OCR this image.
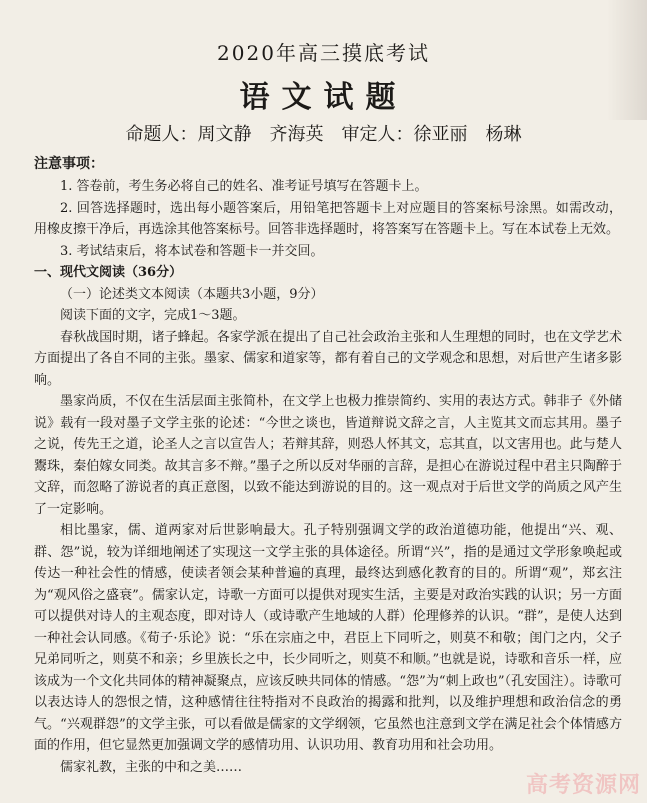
2020年高三摸底考试
语文试题
命题人：周文静　齐海英　审定人：徐亚丽　杨琳
注意事项：

1. 答卷前，考生务必将自己的姓名、准考证号填写在答题卡上。

2. 回答选择题时，选出每小题答案后，用铅笔把答题卡上对应题目的答案标号涂黑。如需改动，用橡皮擦干净后，再选涂其他答案标号。回答非选择题时，将答案写在答题卡上。写在本试卷上无效。

3. 考试结束后，将本试卷和答题卡一并交回。

一、现代文阅读（36分）

（一）论述类文本阅读（本题共3小题，9分）

阅读下面的文字，完成1～3题。

春秋战国时期，诸子蜂起。各家学派在提出了自己社会政治主张和人生理想的同时，也在文学艺术方面提出了各自不同的主张。墨家、儒家和道家等，都有着自己的文学观念和思想，对后世产生诸多影响。

墨家尚质，不仅在生活层面主张简朴，在文学上也极力推崇简约、实用的表达方式。韩非子《外储说》载有一段对墨子文学主张的论述：“今世之谈也，皆道辩说文辞之言，人主览其文而忘其用。墨子之说，传先王之道，论圣人之言以宣告人；若辩其辞，则恐人怀其文，忘其直，以文害用也。此与楚人鬻珠，秦伯嫁女同类。故其言多不辩。”墨子之所以反对华丽的言辞，是担心在游说过程中君主只陶醉于文辞，而忽略了游说者的真正意图，以致不能达到游说的目的。这一观点对于后世文学的尚质之风产生了一定影响。

相比墨家，儒、道两家对后世影响最大。孔子特别强调文学的政治道德功能，他提出“兴、观、群、怨”说，较为详细地阐述了实现这一文学主张的具体途径。所谓“兴”，指的是通过文学形象唤起或传达一种社会性的情感，使读者领会某种普遍的真理，最终达到感化教育的目的。所谓“观”，郑玄注为“观风俗之盛衰”。儒家认定，诗歌一方面可以提供对现实生活，主要是对政治实践的认识；另一方面可以提供对诗人的主观态度，即对诗人（或诗歌产生地域的人群）伦理修养的认识。“群”，是使人达到一种社会认同感。《荀子·乐论》说：“乐在宗庙之中，君臣上下同听之，则莫不和敬；闺门之内，父子兄弟同听之，则莫不和亲；乡里族长之中，长少同听之，则莫不和顺。”也就是说，诗歌和音乐一样，应该成为一个文化共同体的精神凝聚点，应该反映共同体的情感。“怨”为“刺上政也”（孔安国注）。诗歌可以表达诗人的怨恨之情，这种感情往往特指对不良政治的揭露和批判，以及维护理想和政治信念的勇气。“兴观群怨”的文学主张，可以看做是儒家的文学纲领，它虽然也注意到文学在满足社会个体情感方面的作用，但它显然更加强调文学的感情功用、认识功用、教育功用和社会功用。

儒家礼教，主张的中和之美……

高考资源网
